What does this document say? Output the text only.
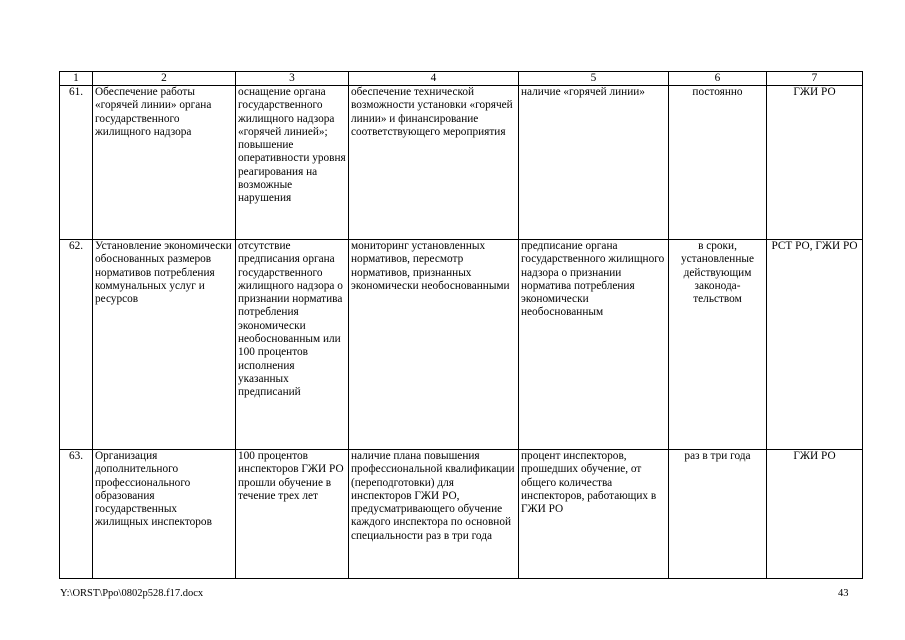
1	2	3	4	5	6	7
61.	Обеспечение работы «горячей линии» органа государственного жилищного надзора	оснащение органа государственного жилищного надзора «горячей линией»; повышение оперативности уровня реагирования на возможные нарушения	обеспечение технической возможности установки «горячей линии» и финансирование соответствующего мероприятия	наличие «горячей линии»	постоянно	ГЖИ РО
62.	Установление экономически обоснованных размеров нормативов потребления коммунальных услуг и ресурсов	отсутствие предписания органа государственного жилищного надзора о признании норматива потребления экономически необоснованным или 100 процентов исполнения указанных предписаний	мониторинг установленных нормативов, пересмотр нормативов, признанных экономически необоснованными	предписание органа государственного жилищного надзора о признании норматива потребления экономически необоснованным	в сроки, установленные действующим законода-тельством	РСТ РО, ГЖИ РО
63.	Организация дополнительного профессионального образования государственных жилищных инспекторов	100 процентов инспекторов ГЖИ РО прошли обучение в течение трех лет	наличие плана повышения профессиональной квалификации (переподготовки) для инспекторов ГЖИ РО, предусматривающего обучение каждого инспектора по основной специальности раз в три года	процент инспекторов, прошедших обучение, от общего количества инспекторов, работающих в ГЖИ РО	раз в три года	ГЖИ РО
Y:\ORST\Ppo\0802p528.f17.docx	43
